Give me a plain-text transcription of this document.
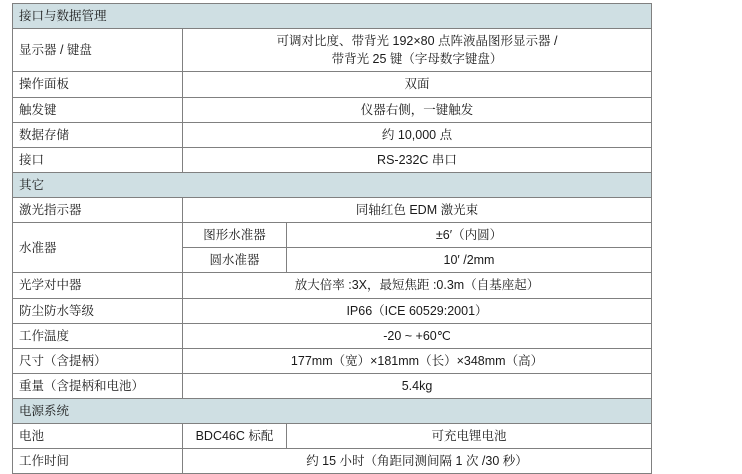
接口与数据管理		
显示器 / 键盘	可调对比度、带背光 192×80 点阵液晶图形显示器 /
带背光 25 键（字母数字键盘）	

操作面板	双面	
触发键	仪器右侧，一键触发	
数据存储	约 10,000 点	
接口	RS-232C 串口	
其它		
激光指示器	同轴红色 EDM 激光束	
水准器	图形水准器	±6′（内圆）
	圆水准器	10′ /2mm
光学对中器	放大倍率 :3X，最短焦距 :0.3m（自基座起）	
防尘防水等级	IP66（ICE 60529:2001）	
工作温度	-20 ~ +60℃	
尺寸（含提柄）	177mm（宽）×181mm（长）×348mm（高）	
重量（含提柄和电池）	5.4kg	
电源系统		
电池	BDC46C 标配	可充电锂电池
工作时间	约 15 小时（角距同测间隔 1 次 /30 秒）	
